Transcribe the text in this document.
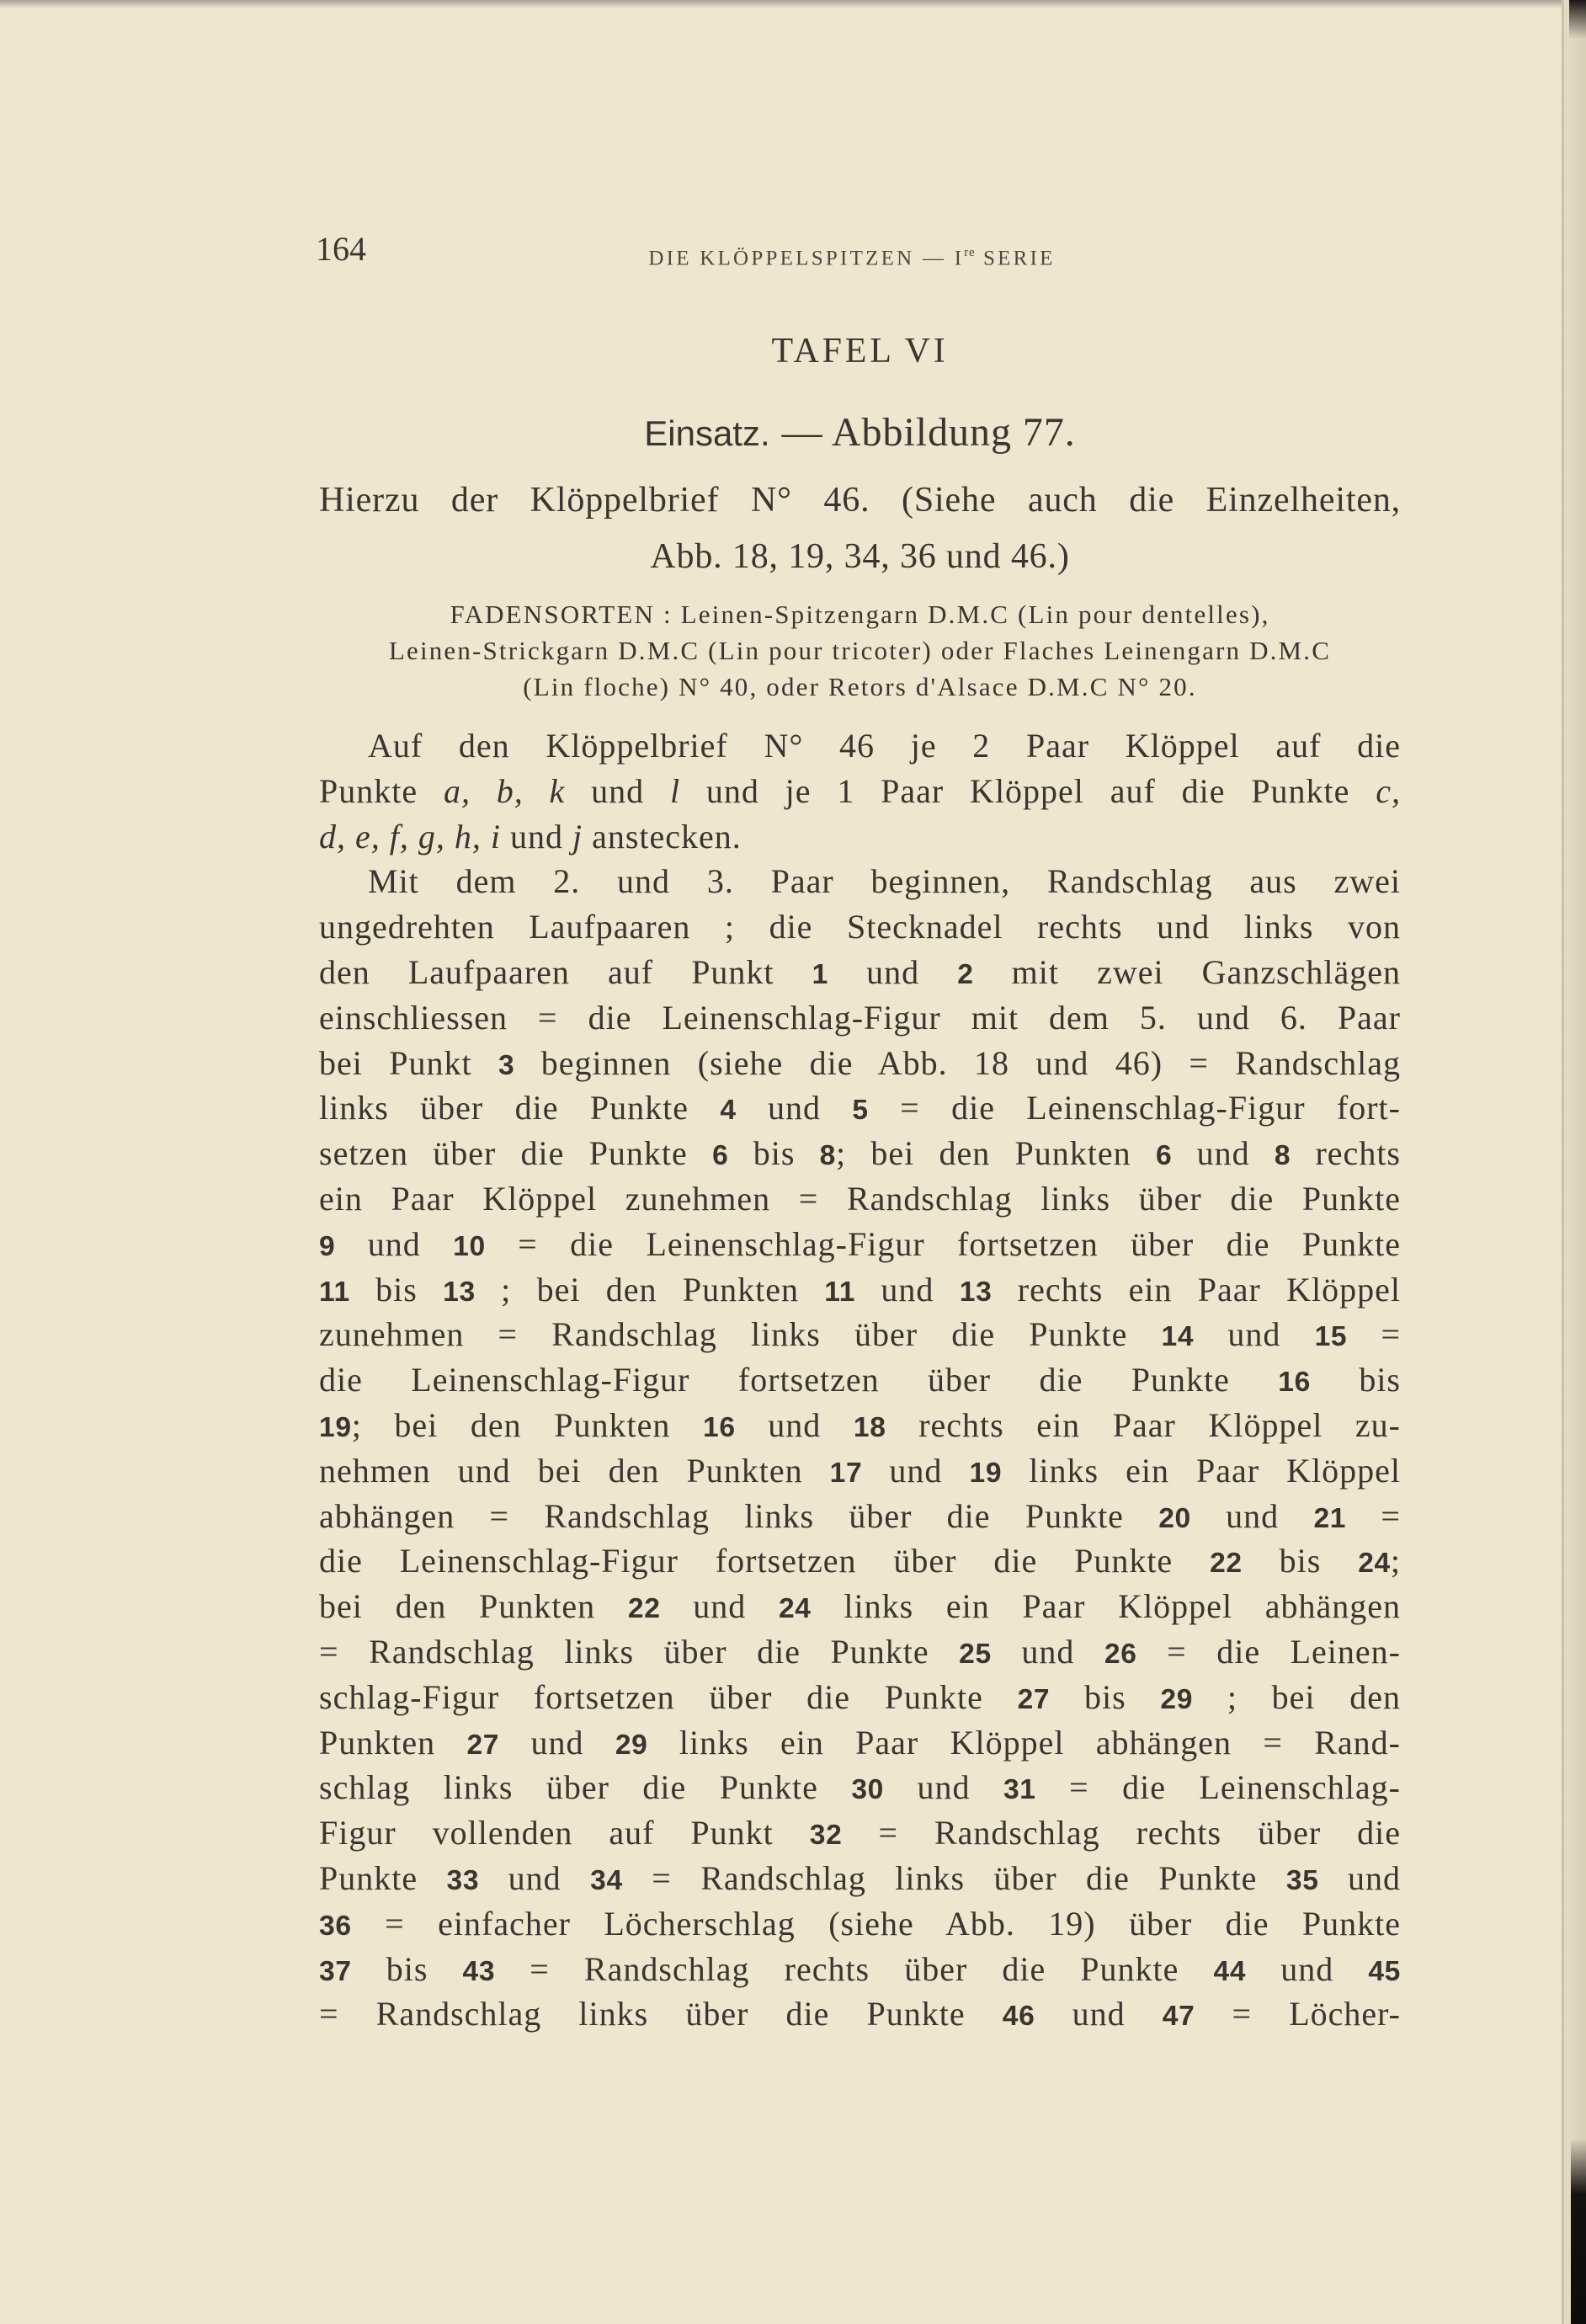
164	DIE KLÖPPELSPITZEN — Ire SERIE
TAFEL VI
Einsatz. — Abbildung 77.
Hierzu der Klöppelbrief N° 46. (Siehe auch die Einzelheiten,
Abb. 18, 19, 34, 36 und 46.)
FADENSORTEN : Leinen-Spitzengarn D.M.C (Lin pour dentelles),
Leinen-Strickgarn D.M.C (Lin pour tricoter) oder Flaches Leinengarn D.M.C
(Lin floche) N° 40, oder Retors d'Alsace D.M.C N° 20.
Auf den Klöppelbrief N° 46 je 2 Paar Klöppel auf die
Punkte a, b, k und l und je 1 Paar Klöppel auf die Punkte c,
d, e, f, g, h, i und j anstecken.
Mit dem 2. und 3. Paar beginnen, Randschlag aus zwei
ungedrehten Laufpaaren ; die Stecknadel rechts und links von
den Laufpaaren auf Punkt 1 und 2 mit zwei Ganzschlägen
einschliessen = die Leinenschlag-Figur mit dem 5. und 6. Paar
bei Punkt 3 beginnen (siehe die Abb. 18 und 46) = Randschlag
links über die Punkte 4 und 5 = die Leinenschlag-Figur fort-
setzen über die Punkte 6 bis 8; bei den Punkten 6 und 8 rechts
ein Paar Klöppel zunehmen = Randschlag links über die Punkte
9 und 10 = die Leinenschlag-Figur fortsetzen über die Punkte
11 bis 13 ; bei den Punkten 11 und 13 rechts ein Paar Klöppel
zunehmen = Randschlag links über die Punkte 14 und 15 =
die Leinenschlag-Figur fortsetzen über die Punkte 16 bis
19; bei den Punkten 16 und 18 rechts ein Paar Klöppel zu-
nehmen und bei den Punkten 17 und 19 links ein Paar Klöppel
abhängen = Randschlag links über die Punkte 20 und 21 =
die Leinenschlag-Figur fortsetzen über die Punkte 22 bis 24;
bei den Punkten 22 und 24 links ein Paar Klöppel abhängen
= Randschlag links über die Punkte 25 und 26 = die Leinen-
schlag-Figur fortsetzen über die Punkte 27 bis 29 ; bei den
Punkten 27 und 29 links ein Paar Klöppel abhängen = Rand-
schlag links über die Punkte 30 und 31 = die Leinenschlag-
Figur vollenden auf Punkt 32 = Randschlag rechts über die
Punkte 33 und 34 = Randschlag links über die Punkte 35 und
36 = einfacher Löcherschlag (siehe Abb. 19) über die Punkte
37 bis 43 = Randschlag rechts über die Punkte 44 und 45
= Randschlag links über die Punkte 46 und 47 = Löcher-
